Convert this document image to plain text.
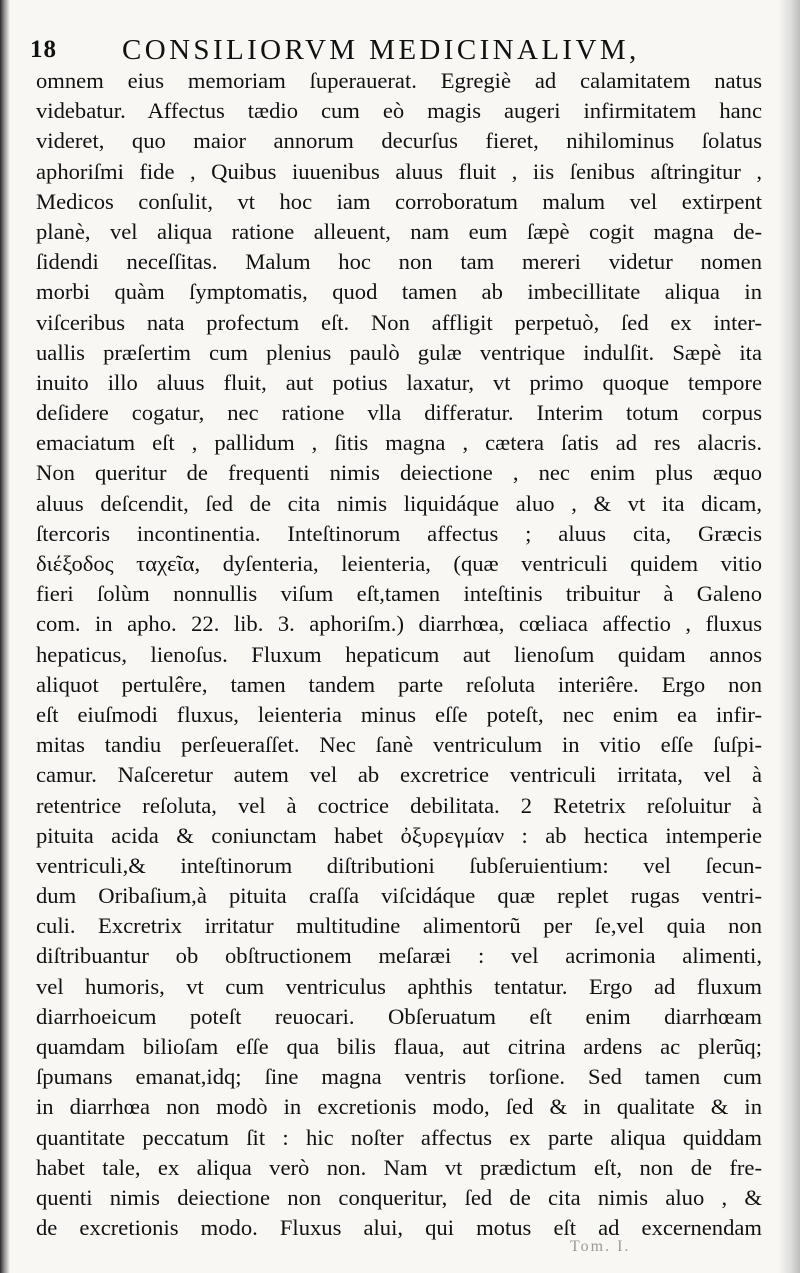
18 CONSILIORVM MEDICINALIVM,
omnem eius memoriam ſuperauerat. Egregiè ad calamitatem natus
videbatur. Affectus tædio cum eò magis augeri infirmitatem hanc
videret, quo maior annorum decurſus fieret, nihilominus ſolatus
aphoriſmi fide , Quibus iuuenibus aluus fluit , iis ſenibus aſtringitur ,
Medicos conſulit, vt hoc iam corroboratum malum vel extirpent
planè, vel aliqua ratione alleuent, nam eum ſæpè cogit magna de-
ſidendi neceſſitas. Malum hoc non tam mereri videtur nomen
morbi quàm ſymptomatis, quod tamen ab imbecillitate aliqua in
viſceribus nata profectum eſt. Non affligit perpetuò, ſed ex inter-
uallis præſertim cum plenius paulò gulæ ventrique indulſit. Sæpè ita
inuito illo aluus fluit, aut potius laxatur, vt primo quoque tempore
deſidere cogatur, nec ratione vlla differatur. Interim totum corpus
emaciatum eſt , pallidum , ſitis magna , cætera ſatis ad res alacris.
Non queritur de frequenti nimis deiectione , nec enim plus æquo
aluus deſcendit, ſed de cita nimis liquidáque aluo , & vt ita dicam,
ſtercoris incontinentia. Inteſtinorum affectus ; aluus cita, Græcis
διέξοδος ταχεῖα, dyſenteria, leienteria, (quæ ventriculi quidem vitio
fieri ſolùm nonnullis viſum eſt,tamen inteſtinis tribuitur à Galeno
com. in apho. 22. lib. 3. aphoriſm.) diarrhœa, cœliaca affectio , fluxus
hepaticus, lienoſus. Fluxum hepaticum aut lienoſum quidam annos
aliquot pertulêre, tamen tandem parte reſoluta interiêre. Ergo non
eſt eiuſmodi fluxus, leienteria minus eſſe poteſt, nec enim ea infir-
mitas tandiu perſeueraſſet. Nec ſanè ventriculum in vitio eſſe ſuſpi-
camur. Naſceretur autem vel ab excretrice ventriculi irritata, vel à
retentrice reſoluta, vel à coctrice debilitata. 2 Retetrix reſoluitur à
pituita acida & coniunctam habet ὀξυρεγμίαν : ab hectica intemperie
ventriculi,& inteſtinorum diſtributioni ſubſeruientium: vel ſecun-
dum Oribaſium,à pituita craſſa viſcidáque quæ replet rugas ventri-
culi. Excretrix irritatur multitudine alimentorũ per ſe,vel quia non
diſtribuantur ob obſtructionem meſaræi : vel acrimonia alimenti,
vel humoris, vt cum ventriculus aphthis tentatur. Ergo ad fluxum
diarrhoeicum poteſt reuocari. Obſeruatum eſt enim diarrhœam
quamdam bilioſam eſſe qua bilis flaua, aut citrina ardens ac plerũq;
ſpumans emanat,idq; ſine magna ventris torſione. Sed tamen cum
in diarrhœa non modò in excretionis modo, ſed & in qualitate & in
quantitate peccatum ſit : hic noſter affectus ex parte aliqua quiddam
habet tale, ex aliqua verò non. Nam vt prædictum eſt, non de fre-
quenti nimis deiectione non conqueritur, ſed de cita nimis aluo , &
de excretionis modo. Fluxus alui, qui motus eſt ad excernendam
Tom. I.
